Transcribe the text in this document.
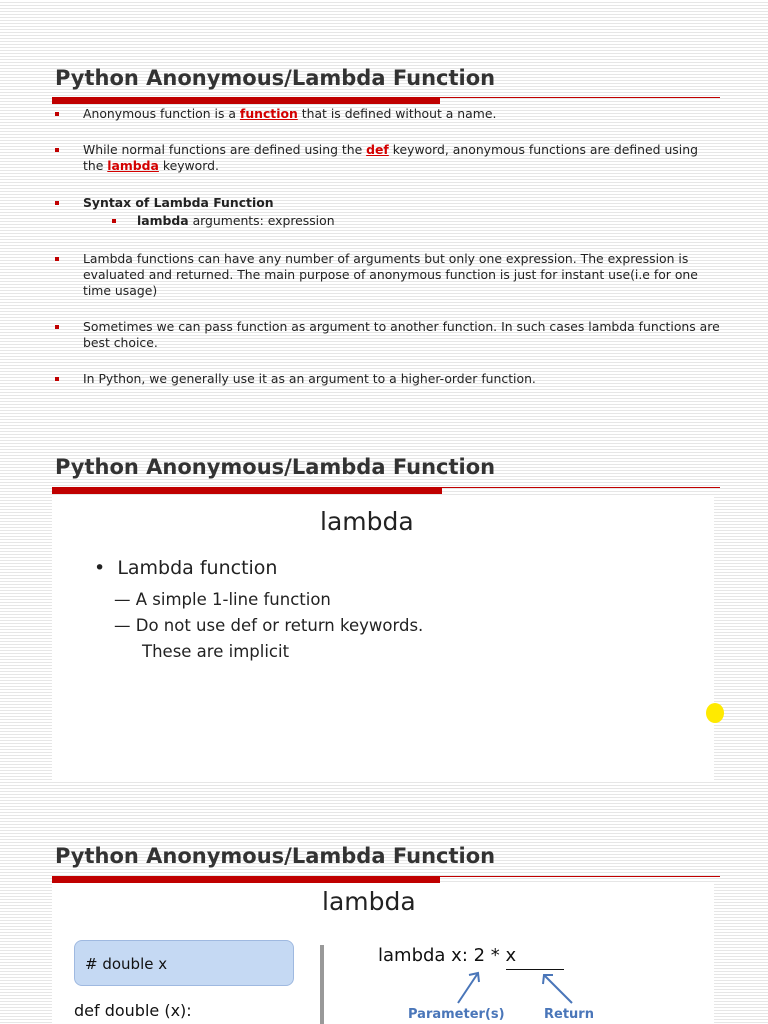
Python Anonymous/Lambda Function
Anonymous function is a function that is defined without a name.
While normal functions are defined using the def keyword, anonymous functions are defined using the lambda keyword.
Syntax of Lambda Function
lambda arguments: expression
Lambda functions can have any number of arguments but only one expression. The expression is evaluated and returned. The main purpose of anonymous function is just for instant use(i.e for one time usage)
Sometimes we can pass function as argument to another function. In such cases lambda functions are best choice.
In Python, we generally use it as an argument to a higher-order function.
Python Anonymous/Lambda Function
lambda
• Lambda function
— A simple 1-line function
— Do not use def or return keywords.
These are implicit
Python Anonymous/Lambda Function
lambda
# double x
def double (x):
lambda x: 2 * x
Parameter(s)	Return
